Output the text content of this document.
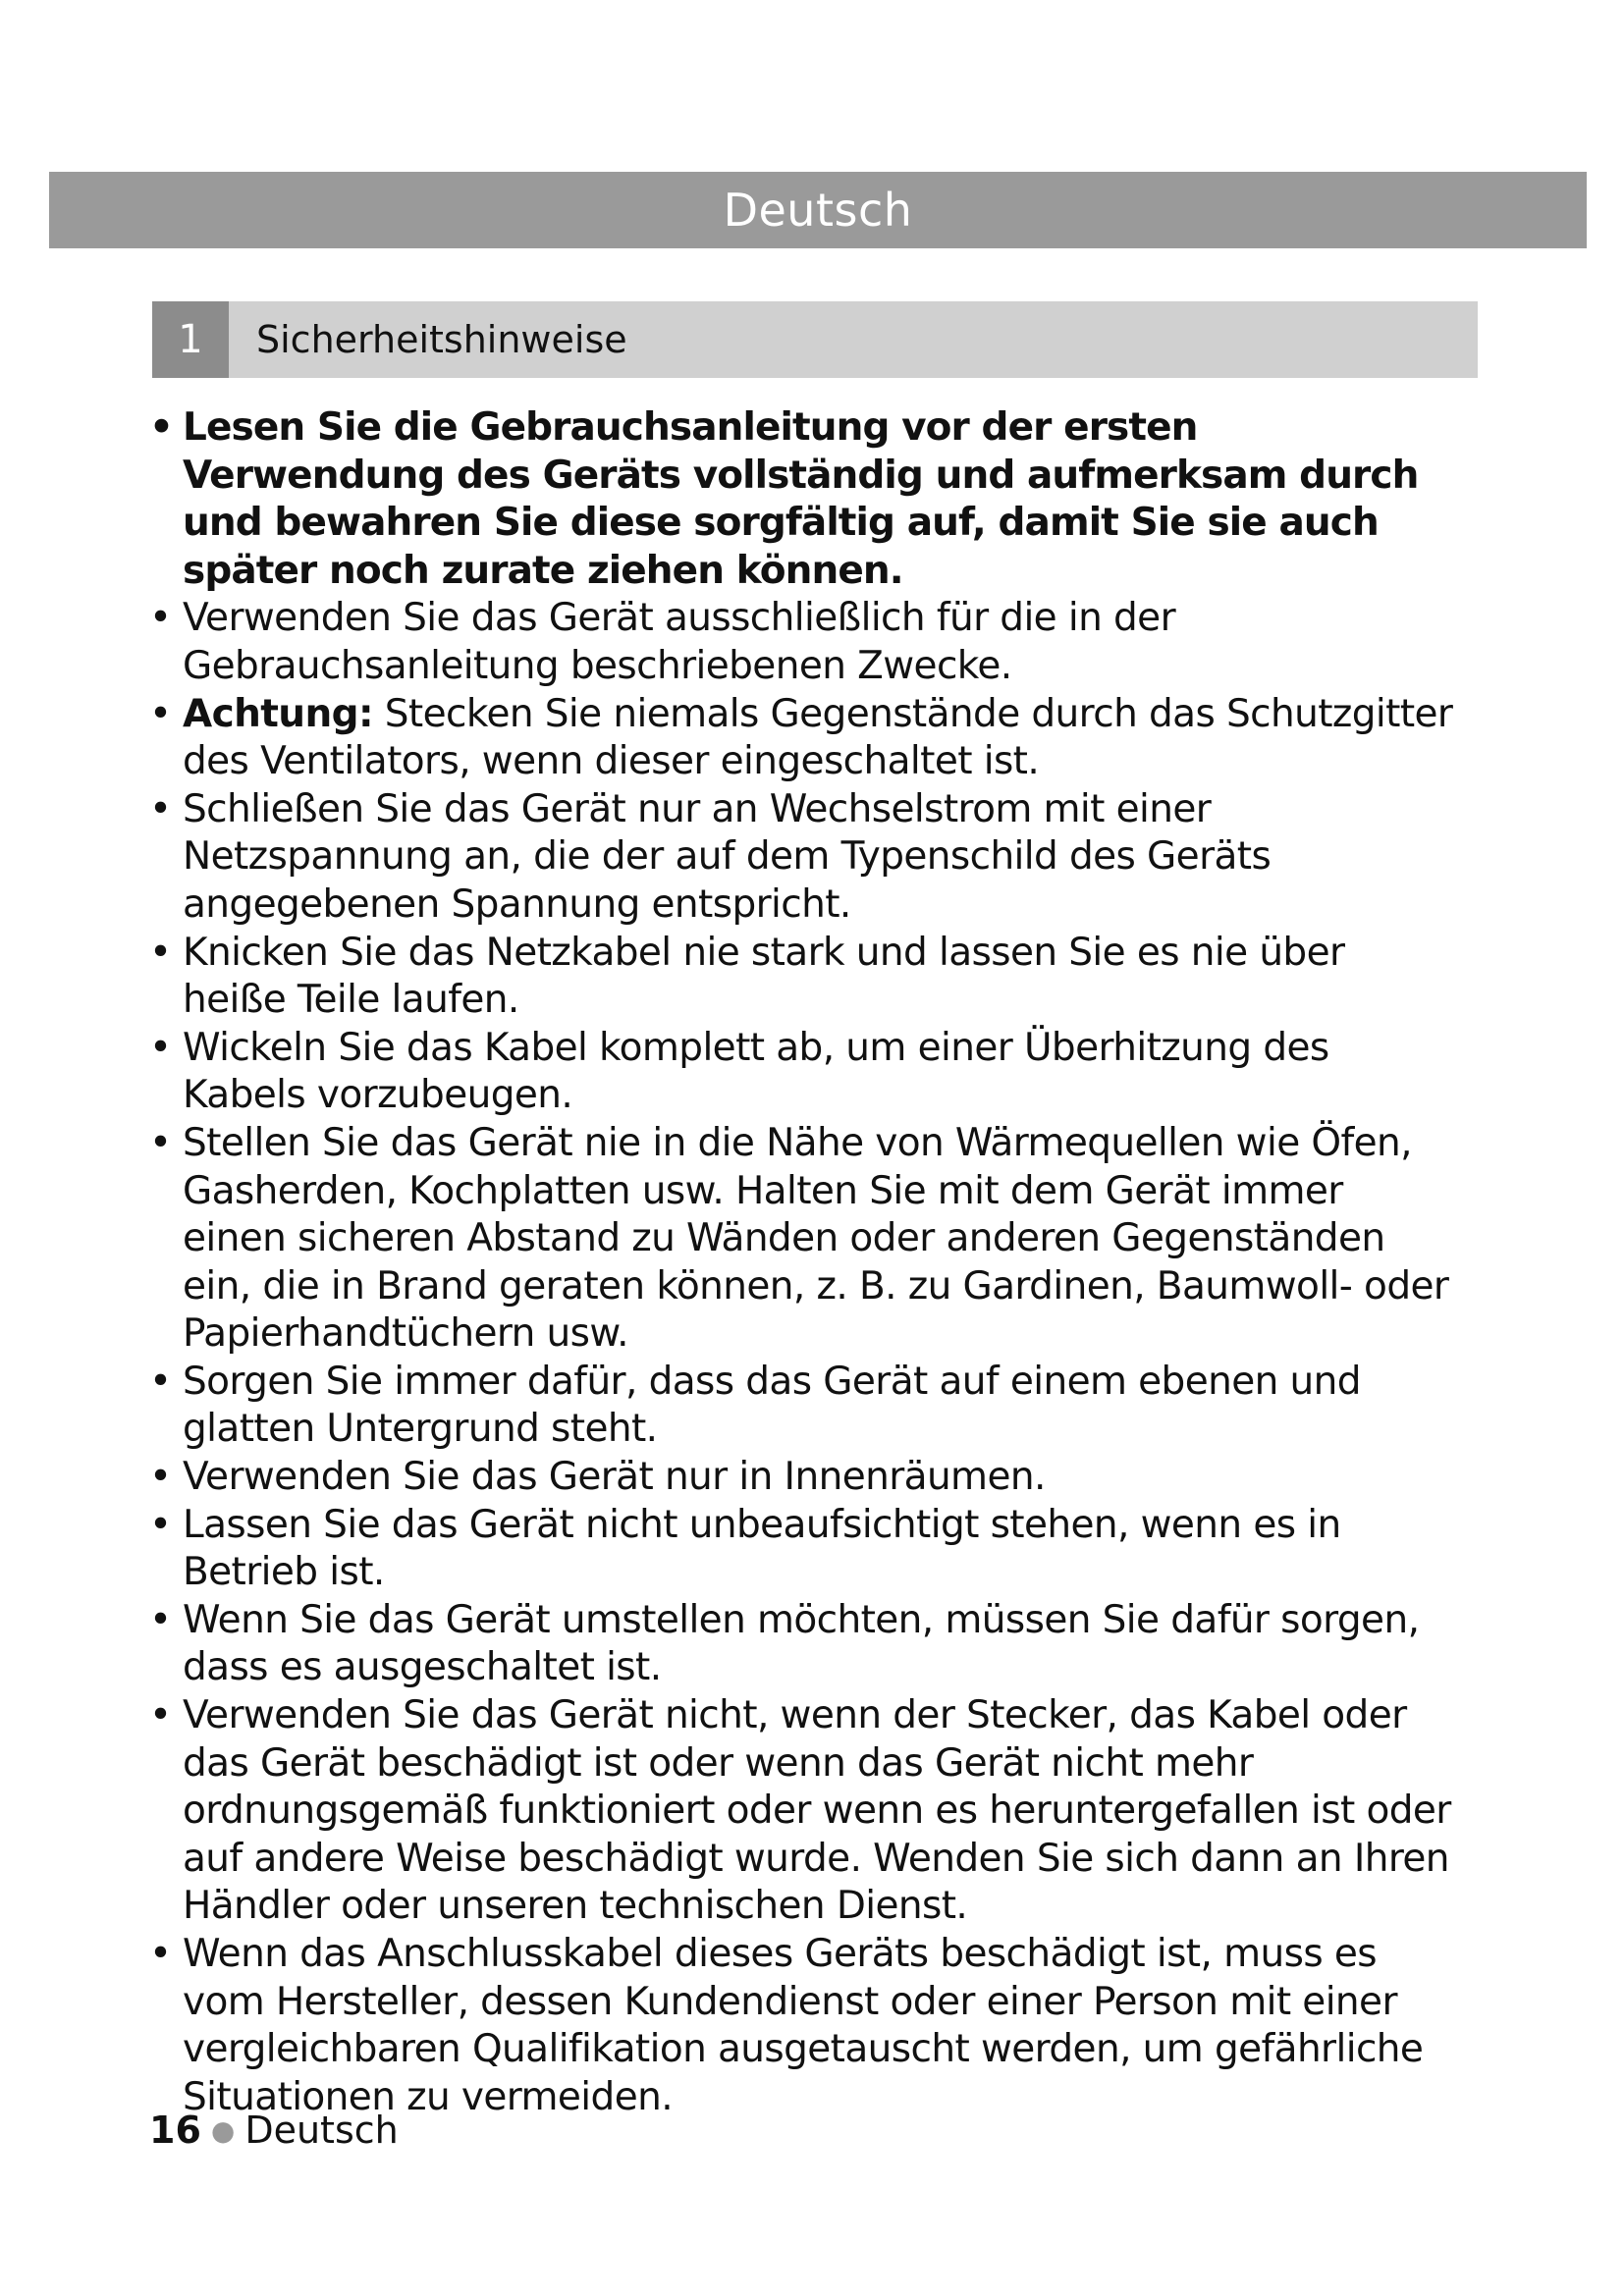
Deutsch
1	Sicherheitshinweise
• Lesen Sie die Gebrauchsanleitung vor der ersten Verwendung des Geräts vollständig und aufmerksam durch und bewahren Sie diese sorgfältig auf, damit Sie sie auch später noch zurate ziehen können.
• Verwenden Sie das Gerät ausschließlich für die in der Gebrauchsanleitung beschriebenen Zwecke.
• Achtung: Stecken Sie niemals Gegenstände durch das Schutzgitter des Ventilators, wenn dieser eingeschaltet ist.
• Schließen Sie das Gerät nur an Wechselstrom mit einer Netzspannung an, die der auf dem Typenschild des Geräts angegebenen Spannung entspricht.
• Knicken Sie das Netzkabel nie stark und lassen Sie es nie über heiße Teile laufen.
• Wickeln Sie das Kabel komplett ab, um einer Überhitzung des Kabels vorzubeugen.
• Stellen Sie das Gerät nie in die Nähe von Wärmequellen wie Öfen, Gasherden, Kochplatten usw. Halten Sie mit dem Gerät immer einen sicheren Abstand zu Wänden oder anderen Gegenständen ein, die in Brand geraten können, z. B. zu Gardinen, Baumwoll- oder Papierhandtüchern usw.
• Sorgen Sie immer dafür, dass das Gerät auf einem ebenen und glatten Untergrund steht.
• Verwenden Sie das Gerät nur in Innenräumen.
• Lassen Sie das Gerät nicht unbeaufsichtigt stehen, wenn es in Betrieb ist.
• Wenn Sie das Gerät umstellen möchten, müssen Sie dafür sorgen, dass es ausgeschaltet ist.
• Verwenden Sie das Gerät nicht, wenn der Stecker, das Kabel oder das Gerät beschädigt ist oder wenn das Gerät nicht mehr ordnungsgemäß funktioniert oder wenn es heruntergefallen ist oder auf andere Weise beschädigt wurde. Wenden Sie sich dann an Ihren Händler oder unseren technischen Dienst.
• Wenn das Anschlusskabel dieses Geräts beschädigt ist, muss es vom Hersteller, dessen Kundendienst oder einer Person mit einer vergleichbaren Qualifikation ausgetauscht werden, um gefährliche Situationen zu vermeiden.
16 ● Deutsch
